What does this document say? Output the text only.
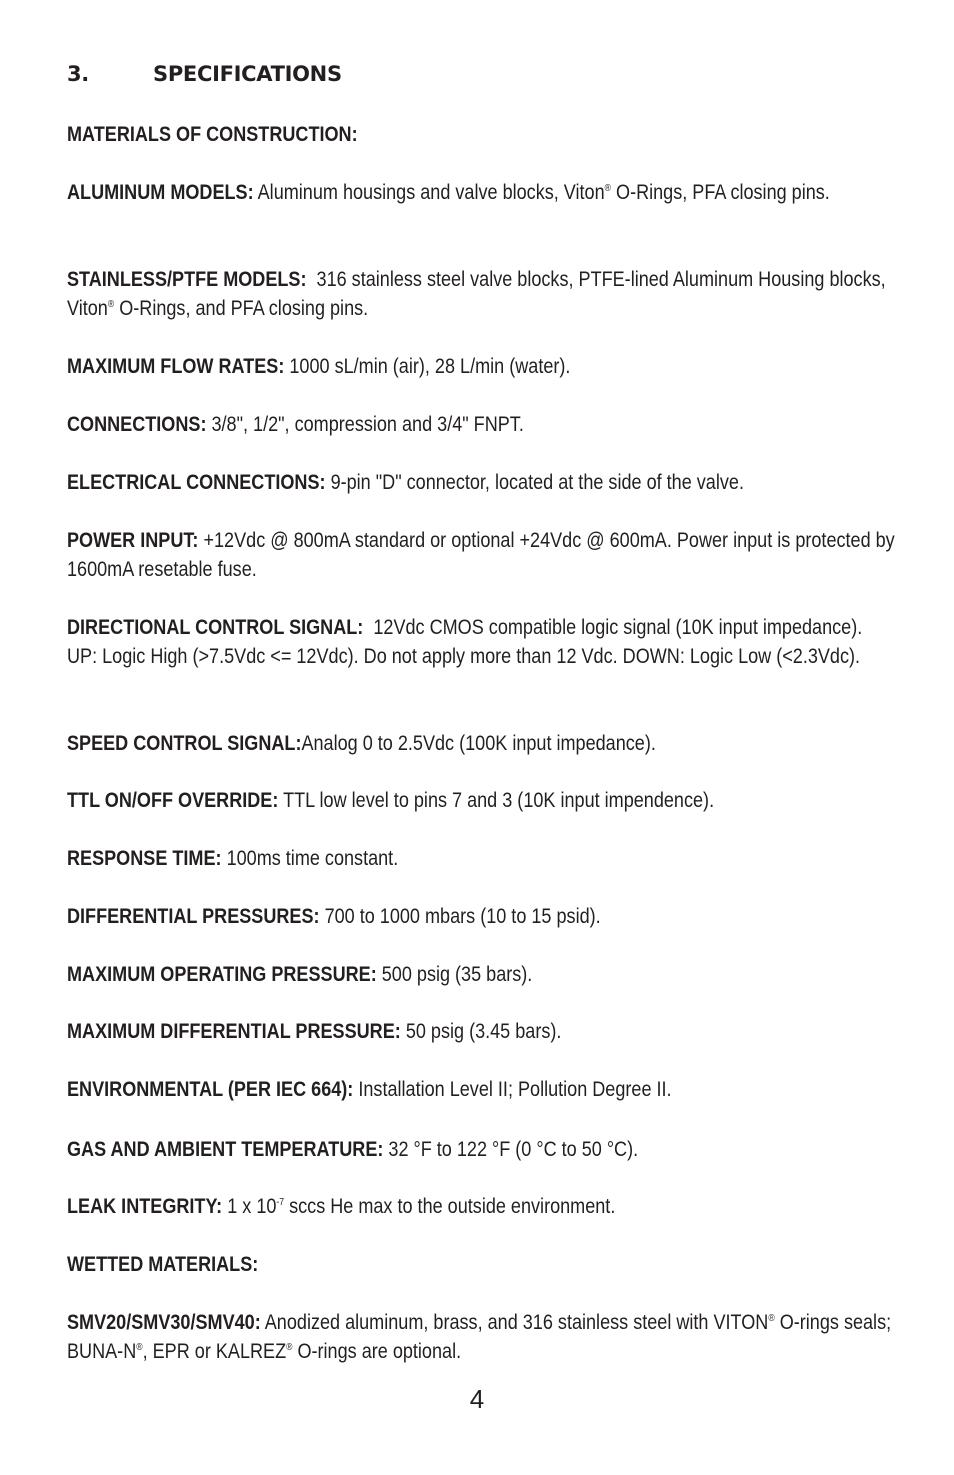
3.	SPECIFICATIONS
MATERIALS OF CONSTRUCTION:
ALUMINUM MODELS: Aluminum housings and valve blocks, Viton® O-Rings, PFA closing pins.
STAINLESS/PTFE MODELS: 316 stainless steel valve blocks, PTFE-lined Aluminum Housing blocks, Viton® O-Rings, and PFA closing pins.
MAXIMUM FLOW RATES: 1000 sL/min (air), 28 L/min (water).
CONNECTIONS: 3/8", 1/2", compression and 3/4" FNPT.
ELECTRICAL CONNECTIONS: 9-pin "D" connector, located at the side of the valve.
POWER INPUT: +12Vdc @ 800mA standard or optional +24Vdc @ 600mA. Power input is protected by 1600mA resetable fuse.
DIRECTIONAL CONTROL SIGNAL: 12Vdc CMOS compatible logic signal (10K input impedance). UP: Logic High (>7.5Vdc <= 12Vdc). Do not apply more than 12 Vdc. DOWN: Logic Low (<2.3Vdc).
SPEED CONTROL SIGNAL:Analog 0 to 2.5Vdc (100K input impedance).
TTL ON/OFF OVERRIDE: TTL low level to pins 7 and 3 (10K input impendence).
RESPONSE TIME: 100ms time constant.
DIFFERENTIAL PRESSURES: 700 to 1000 mbars (10 to 15 psid).
MAXIMUM OPERATING PRESSURE: 500 psig (35 bars).
MAXIMUM DIFFERENTIAL PRESSURE: 50 psig (3.45 bars).
ENVIRONMENTAL (PER IEC 664): Installation Level II; Pollution Degree II.
GAS AND AMBIENT TEMPERATURE: 32 °F to 122 °F (0 °C to 50 °C).
LEAK INTEGRITY: 1 x $10^{-7}$ sccs He max to the outside environment.
WETTED MATERIALS:
SMV20/SMV30/SMV40: Anodized aluminum, brass, and 316 stainless steel with VITON® O-rings seals; BUNA-N®, EPR or KALREZ® O-rings are optional.
4
